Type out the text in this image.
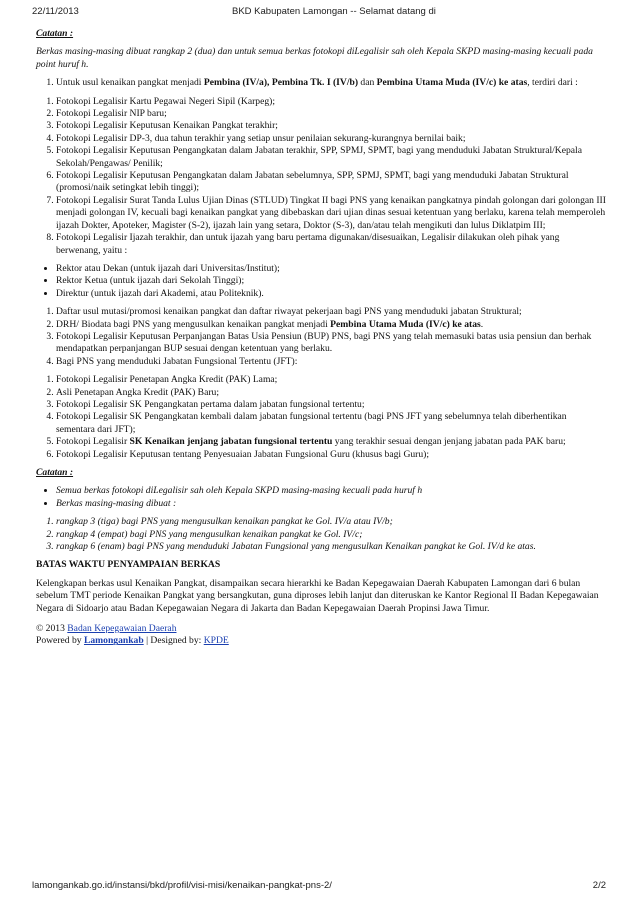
22/11/2013	BKD Kabupaten Lamongan -- Selamat datang di

Catatan :

Berkas masing-masing dibuat rangkap 2 (dua) dan untuk semua berkas fotokopi diLegalisir sah oleh Kepala SKPD masing-masing kecuali pada point huruf h.

1. Untuk usul kenaikan pangkat menjadi Pembina (IV/a), Pembina Tk. I (IV/b) dan Pembina Utama Muda (IV/c) ke atas, terdiri dari :
1. Fotokopi Legalisir Kartu Pegawai Negeri Sipil (Karpeg);
2. Fotokopi Legalisir NIP baru;
3. Fotokopi Legalisir Keputusan Kenaikan Pangkat terakhir;
4. Fotokopi Legalisir DP-3, dua tahun terakhir yang setiap unsur penilaian sekurang-kurangnya bernilai baik;
5. Fotokopi Legalisir Keputusan Pengangkatan dalam Jabatan terakhir, SPP, SPMJ, SPMT, bagi yang menduduki Jabatan Struktural/Kepala Sekolah/Pengawas/ Penilik;
6. Fotokopi Legalisir Keputusan Pengangkatan dalam Jabatan sebelumnya, SPP, SPMJ, SPMT, bagi yang menduduki Jabatan Struktural (promosi/naik setingkat lebih tinggi);
7. Fotokopi Legalisir Surat Tanda Lulus Ujian Dinas (STLUD) Tingkat II bagi PNS yang kenaikan pangkatnya pindah golongan dari golongan III menjadi golongan IV, kecuali bagi kenaikan pangkat yang dibebaskan dari ujian dinas sesuai ketentuan yang berlaku, karena telah memperoleh ijazah Dokter, Apoteker, Magister (S-2), ijazah lain yang setara, Doktor (S-3), dan/atau telah mengikuti dan lulus Diklatpim III;
8. Fotokopi Legalisir Ijazah terakhir, dan untuk ijazah yang baru pertama digunakan/disesuaikan, Legalisir dilakukan oleh pihak yang berwenang, yaitu :
• Rektor atau Dekan (untuk ijazah dari Universitas/Institut);
• Rektor Ketua (untuk ijazah dari Sekolah Tinggi);
• Direktur (untuk ijazah dari Akademi, atau Politeknik).
1. Daftar usul mutasi/promosi kenaikan pangkat dan daftar riwayat pekerjaan bagi PNS yang menduduki jabatan Struktural;
2. DRH/ Biodata bagi PNS yang mengusulkan kenaikan pangkat menjadi Pembina Utama Muda (IV/c) ke atas.
3. Fotokopi Legalisir Keputusan Perpanjangan Batas Usia Pensiun (BUP) PNS, bagi PNS yang telah memasuki batas usia pensiun dan berhak mendapatkan perpanjangan BUP sesuai dengan ketentuan yang berlaku.
4. Bagi PNS yang menduduki Jabatan Fungsional Tertentu (JFT):
1. Fotokopi Legalisir Penetapan Angka Kredit (PAK) Lama;
2. Asli Penetapan Angka Kredit (PAK) Baru;
3. Fotokopi Legalisir SK Pengangkatan pertama dalam jabatan fungsional tertentu;
4. Fotokopi Legalisir SK Pengangkatan kembali dalam jabatan fungsional tertentu (bagi PNS JFT yang sebelumnya telah diberhentikan sementara dari JFT);
5. Fotokopi Legalisir SK Kenaikan jenjang jabatan fungsional tertentu yang terakhir sesuai dengan jenjang jabatan pada PAK baru;
6. Fotokopi Legalisir Keputusan tentang Penyesuaian Jabatan Fungsional Guru (khusus bagi Guru);

Catatan :

• Semua berkas fotokopi diLegalisir sah oleh Kepala SKPD masing-masing kecuali pada huruf h
• Berkas masing-masing dibuat :
1. rangkap 3 (tiga) bagi PNS yang mengusulkan kenaikan pangkat ke Gol. IV/a atau IV/b;
2. rangkap 4 (empat) bagi PNS yang mengusulkan kenaikan pangkat ke Gol. IV/c;
3. rangkap 6 (enam) bagi PNS yang menduduki Jabatan Fungsional yang mengusulkan Kenaikan pangkat ke Gol. IV/d ke atas.

BATAS WAKTU PENYAMPAIAN BERKAS

Kelengkapan berkas usul Kenaikan Pangkat, disampaikan secara hierarkhi ke Badan Kepegawaian Daerah Kabupaten Lamongan dari 6 bulan sebelum TMT periode Kenaikan Pangkat yang bersangkutan, guna diproses lebih lanjut dan diteruskan ke Kantor Regional II Badan Kepegawaian Negara di Sidoarjo atau Badan Kepegawaian Negara di Jakarta dan Badan Kepegawaian Daerah Propinsi Jawa Timur.

© 2013 Badan Kepegawaian Daerah

Powered by Lamongankab | Designed by: KPDE

lamongankab.go.id/instansi/bkd/profil/visi-misi/kenaikan-pangkat-pns-2/	2/2
